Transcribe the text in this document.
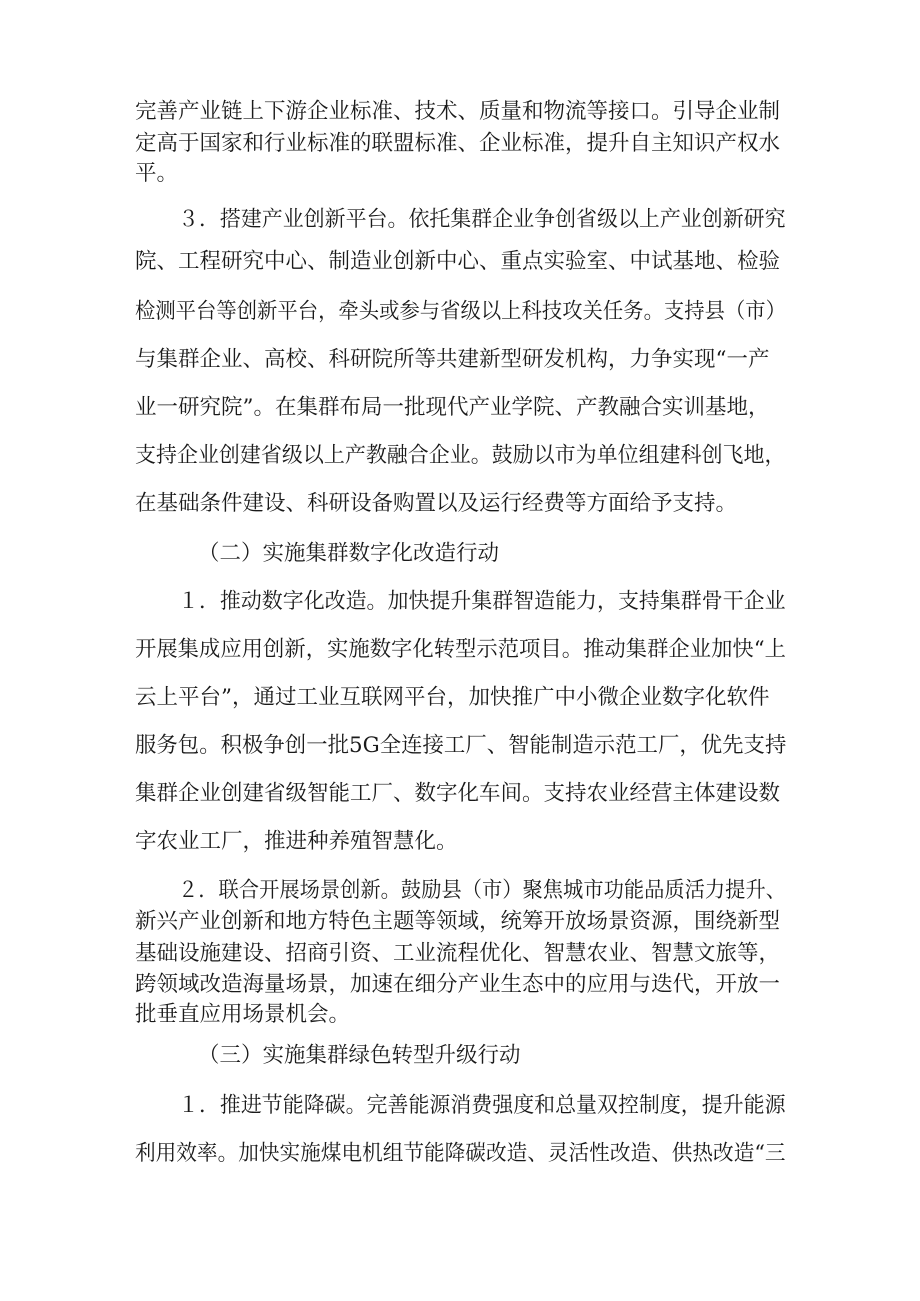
完善产业链上下游企业标准、技术、质量和物流等接口。引导企业制
定高于国家和行业标准的联盟标准、企业标准，提升自主知识产权水
平。
３．搭建产业创新平台。依托集群企业争创省级以上产业创新研究
院、工程研究中心、制造业创新中心、重点实验室、中试基地、检验
检测平台等创新平台，牵头或参与省级以上科技攻关任务。支持县（市）
与集群企业、高校、科研院所等共建新型研发机构，力争实现“一产
业一研究院”。在集群布局一批现代产业学院、产教融合实训基地，
支持企业创建省级以上产教融合企业。鼓励以市为单位组建科创飞地，
在基础条件建设、科研设备购置以及运行经费等方面给予支持。
（二）实施集群数字化改造行动
１．推动数字化改造。加快提升集群智造能力，支持集群骨干企业
开展集成应用创新，实施数字化转型示范项目。推动集群企业加快“上
云上平台”，通过工业互联网平台，加快推广中小微企业数字化软件
服务包。积极争创一批5G全连接工厂、智能制造示范工厂，优先支持
集群企业创建省级智能工厂、数字化车间。支持农业经营主体建设数
字农业工厂，推进种养殖智慧化。
２．联合开展场景创新。鼓励县（市）聚焦城市功能品质活力提升、
新兴产业创新和地方特色主题等领域，统筹开放场景资源，围绕新型
基础设施建设、招商引资、工业流程优化、智慧农业、智慧文旅等，
跨领域改造海量场景，加速在细分产业生态中的应用与迭代，开放一
批垂直应用场景机会。
（三）实施集群绿色转型升级行动
１．推进节能降碳。完善能源消费强度和总量双控制度，提升能源
利用效率。加快实施煤电机组节能降碳改造、灵活性改造、供热改造“三
